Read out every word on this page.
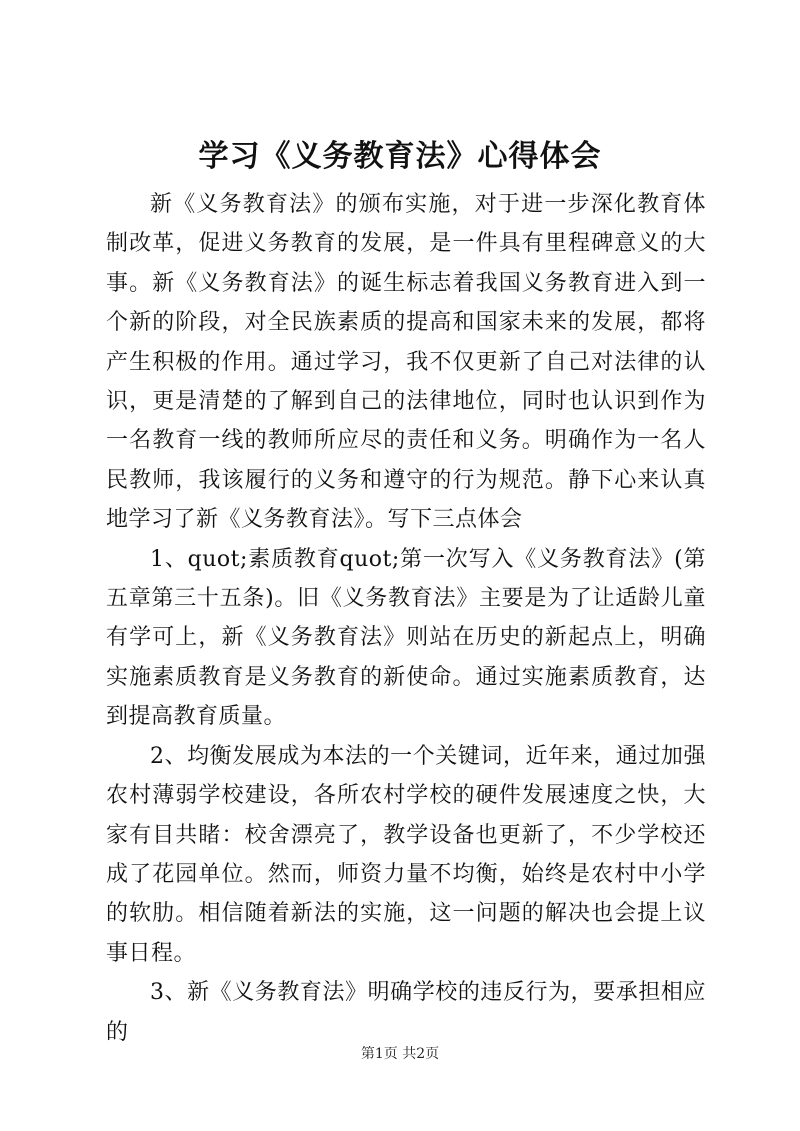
学习《义务教育法》心得体会

新《义务教育法》的颁布实施，对于进一步深化教育体制改革，促进义务教育的发展，是一件具有里程碑意义的大事。新《义务教育法》的诞生标志着我国义务教育进入到一个新的阶段，对全民族素质的提高和国家未来的发展，都将产生积极的作用。通过学习，我不仅更新了自己对法律的认识，更是清楚的了解到自己的法律地位，同时也认识到作为一名教育一线的教师所应尽的责任和义务。明确作为一名人民教师，我该履行的义务和遵守的行为规范。静下心来认真地学习了新《义务教育法》。写下三点体会

1、quot;素质教育quot;第一次写入《义务教育法》(第五章第三十五条)。旧《义务教育法》主要是为了让适龄儿童有学可上，新《义务教育法》则站在历史的新起点上，明确实施素质教育是义务教育的新使命。通过实施素质教育，达到提高教育质量。

2、均衡发展成为本法的一个关键词，近年来，通过加强农村薄弱学校建设，各所农村学校的硬件发展速度之快，大家有目共睹：校舍漂亮了，教学设备也更新了，不少学校还成了花园单位。然而，师资力量不均衡，始终是农村中小学的软肋。相信随着新法的实施，这一问题的解决也会提上议事日程。

3、新《义务教育法》明确学校的违反行为，要承担相应的

第1页 共2页
